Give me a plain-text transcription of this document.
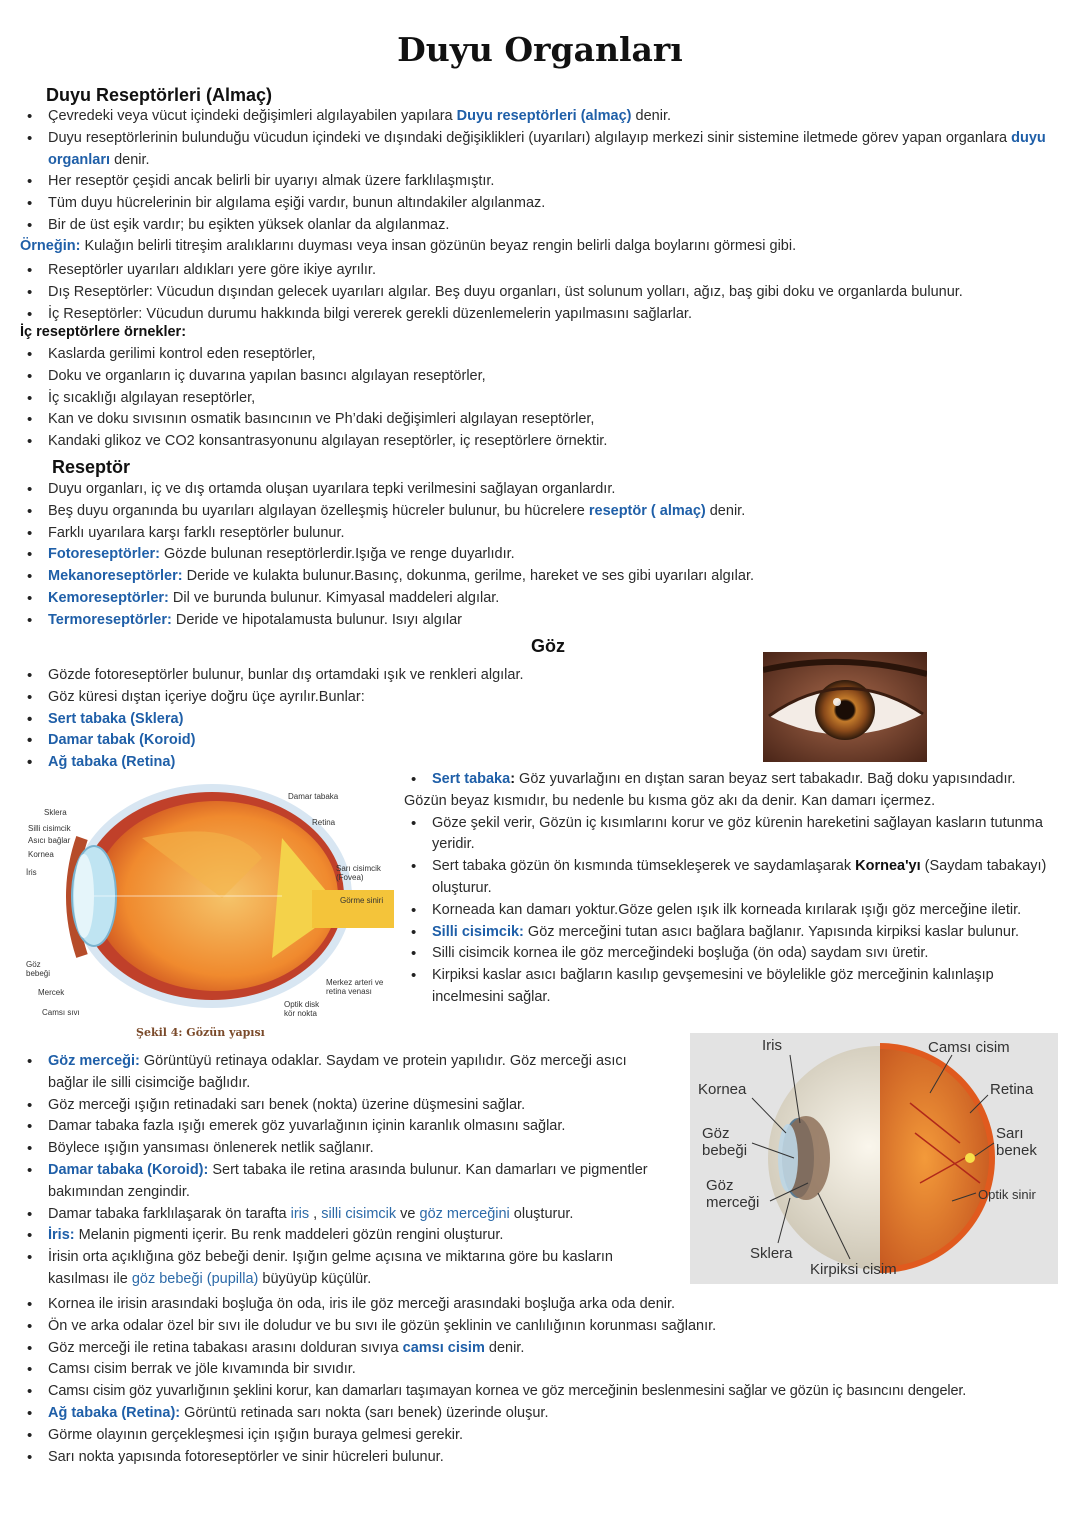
Duyu Organları
Duyu Reseptörleri (Almaç)
• Çevredeki veya vücut içindeki değişimleri algılayabilen yapılara Duyu reseptörleri (almaç) denir.
• Duyu reseptörlerinin bulunduğu vücudun içindeki ve dışındaki değişiklikleri (uyarıları) algılayıp merkezi sinir sistemine iletmede görev yapan organlara duyu organları denir.
• Her reseptör çeşidi ancak belirli bir uyarıyı almak üzere farklılaşmıştır.
• Tüm duyu hücrelerinin bir algılama eşiği vardır, bunun altındakiler algılanmaz.
• Bir de üst eşik vardır; bu eşikten yüksek olanlar da algılanmaz.
Örneğin: Kulağın belirli titreşim aralıklarını duyması veya insan gözünün beyaz rengin belirli dalga boylarını görmesi gibi.
• Reseptörler uyarıları aldıkları yere göre ikiye ayrılır.
• Dış Reseptörler: Vücudun dışından gelecek uyarıları algılar. Beş duyu organları, üst solunum yolları, ağız, baş gibi doku ve organlarda bulunur.
• İç Reseptörler: Vücudun durumu hakkında bilgi vererek gerekli düzenlemelerin yapılmasını sağlarlar.
İç reseptörlere örnekler:
• Kaslarda gerilimi kontrol eden reseptörler,
• Doku ve organların iç duvarına yapılan basıncı algılayan reseptörler,
• İç sıcaklığı algılayan reseptörler,
• Kan ve doku sıvısının osmatik basıncının ve Ph’daki değişimleri algılayan reseptörler,
• Kandaki glikoz ve CO2 konsantrasyonunu algılayan reseptörler, iç reseptörlere örnektir.
Reseptör
• Duyu organları, iç ve dış ortamda oluşan uyarılara tepki verilmesini sağlayan organlardır.
• Beş duyu organında bu uyarıları algılayan özelleşmiş hücreler bulunur, bu hücrelere reseptör ( almaç) denir.
• Farklı uyarılara karşı farklı reseptörler bulunur.
• Fotoreseptörler: Gözde bulunan reseptörlerdir.Işığa ve renge duyarlıdır.
• Mekanoreseptörler: Deride ve kulakta bulunur.Basınç, dokunma, gerilme, hareket ve ses gibi uyarıları algılar.
• Kemoreseptörler: Dil ve burunda bulunur. Kimyasal maddeleri algılar.
• Termoreseptörler: Deride ve hipotalamusta bulunur. Isıyı algılar
Göz
• Gözde fotoreseptörler bulunur, bunlar dış ortamdaki ışık ve renkleri algılar.
• Göz küresi dıştan içeriye doğru üçe ayrılır.Bunlar:
• Sert tabaka (Sklera)
• Damar tabak (Koroid)
• Ağ tabaka (Retina)
• Sert tabaka: Göz yuvarlağını en dıştan saran beyaz sert tabakadır. Bağ doku yapısındadır.
Gözün beyaz kısmıdır, bu nedenle bu kısma göz akı da denir. Kan damarı içermez.
• Göze şekil verir, Gözün iç kısımlarını korur ve göz kürenin hareketini sağlayan kasların tutunma yeridir.
• Sert tabaka gözün ön kısmında tümsekleşerek ve saydamlaşarak Kornea'yı (Saydam tabakayı) oluşturur.
• Korneada kan damarı yoktur.Göze gelen ışık ilk korneada kırılarak ışığı göz merceğine iletir.
• Silli cisimcik: Göz merceğini tutan asıcı bağlara bağlanır. Yapısında kirpiksi kaslar bulunur.
• Silli cisimcik kornea ile göz merceğindeki boşluğa (ön oda) saydam sıvı üretir.
• Kirpiksi kaslar asıcı bağların kasılıp gevşemesini ve böylelikle göz merceğinin kalınlaşıp incelmesini sağlar.
Sklera
Silli cisimcik
Asıcı bağlar
Kornea
İris
Göz bebeği
Mercek
Camsı sıvı
Damar tabaka
Retina
Sarı cisimcik (Fovea)
Görme siniri
Merkez arteri ve retina venası
Optik disk kör nokta
Şekil 4: Gözün yapısı
• Göz merceği: Görüntüyü retinaya odaklar. Saydam ve protein yapılıdır. Göz merceği asıcı bağlar ile silli cisimciğe bağlıdır.
• Göz merceği ışığın retinadaki sarı benek (nokta) üzerine düşmesini sağlar.
• Damar tabaka fazla ışığı emerek göz yuvarlağının içinin karanlık olmasını sağlar.
• Böylece ışığın yansıması önlenerek netlik sağlanır.
• Damar tabaka (Koroid): Sert tabaka ile retina arasında bulunur. Kan damarları ve pigmentler bakımından zengindir.
• Damar tabaka farklılaşarak ön tarafta iris , silli cisimcik ve göz merceğini oluşturur.
• İris: Melanin pigmenti içerir. Bu renk maddeleri gözün rengini oluşturur.
• İrisin orta açıklığına göz bebeği denir. Işığın gelme açısına ve miktarına göre bu kasların kasılması ile göz bebeği (pupilla) büyüyüp küçülür.
Iris	Camsı cisim
Kornea	Retina
Göz bebeği
Sarı benek
Göz merceği	Optik sinir
Sklera
Kirpiksi cisim
• Kornea ile irisin arasındaki boşluğa ön oda, iris ile göz merceği arasındaki boşluğa arka oda denir.
• Ön ve arka odalar özel bir sıvı ile doludur ve bu sıvı ile gözün şeklinin ve canlılığının korunması sağlanır.
• Göz merceği ile retina tabakası arasını dolduran sıvıya camsı cisim denir.
• Camsı cisim berrak ve jöle kıvamında bir sıvıdır.
• Camsı cisim göz yuvarlığının şeklini korur, kan damarları taşımayan kornea ve göz merceğinin beslenmesini sağlar ve gözün iç basıncını dengeler.
• Ağ tabaka (Retina): Görüntü retinada sarı nokta (sarı benek) üzerinde oluşur.
• Görme olayının gerçekleşmesi için ışığın buraya gelmesi gerekir.
• Sarı nokta yapısında fotoreseptörler ve sinir hücreleri bulunur.
